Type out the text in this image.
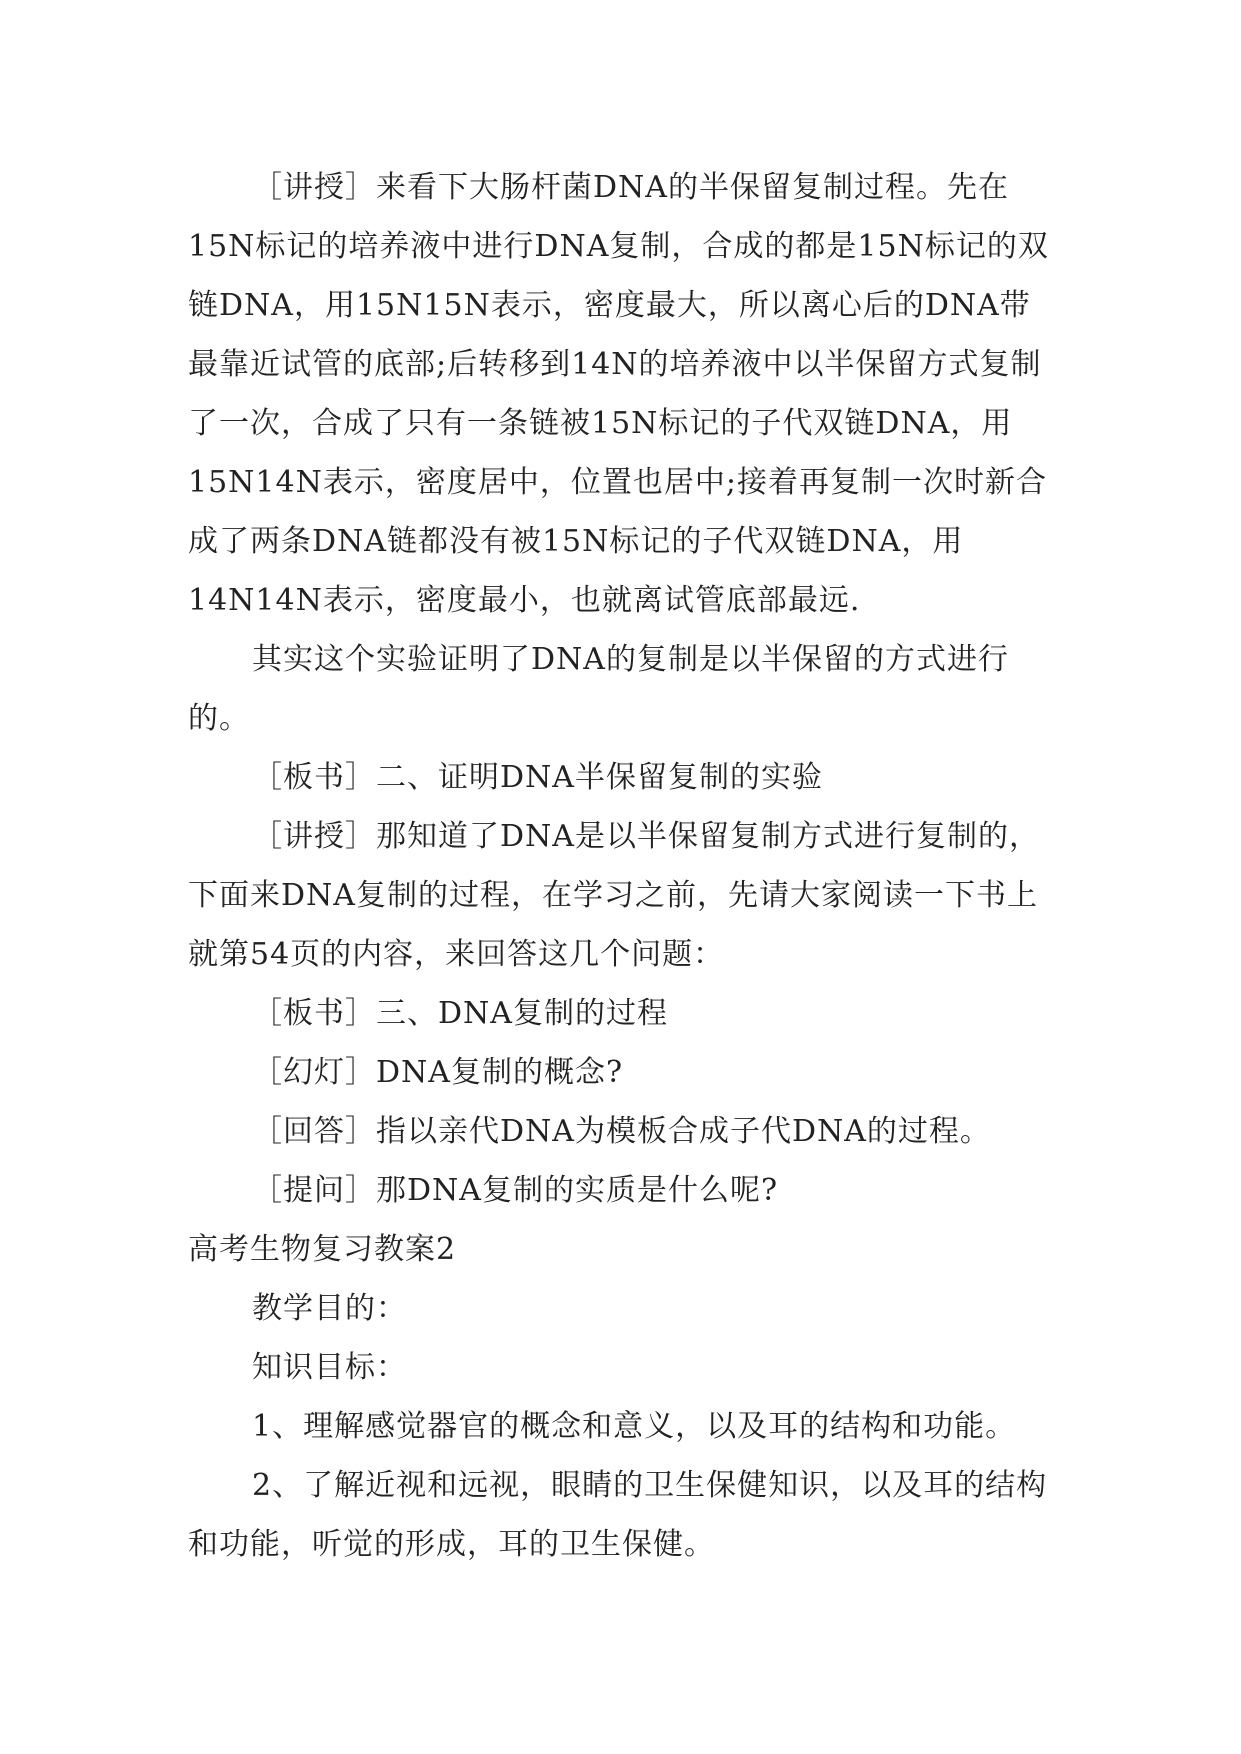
［讲授］来看下大肠杆菌DNA的半保留复制过程。先在15N标记的培养液中进行DNA复制，合成的都是15N标记的双链DNA，用15N15N表示，密度最大，所以离心后的DNA带最靠近试管的底部;后转移到14N的培养液中以半保留方式复制了一次，合成了只有一条链被15N标记的子代双链DNA，用15N14N表示，密度居中，位置也居中;接着再复制一次时新合成了两条DNA链都没有被15N标记的子代双链DNA，用14N14N表示，密度最小，也就离试管底部最远.

其实这个实验证明了DNA的复制是以半保留的方式进行的。

［板书］二、证明DNA半保留复制的实验

［讲授］那知道了DNA是以半保留复制方式进行复制的，下面来DNA复制的过程，在学习之前，先请大家阅读一下书上就第54页的内容，来回答这几个问题：

［板书］三、DNA复制的过程

［幻灯］DNA复制的概念?

［回答］指以亲代DNA为模板合成子代DNA的过程。

［提问］那DNA复制的实质是什么呢?

高考生物复习教案2

教学目的：

知识目标：

1、理解感觉器官的概念和意义，以及耳的结构和功能。

2、了解近视和远视，眼睛的卫生保健知识，以及耳的结构和功能，听觉的形成，耳的卫生保健。
